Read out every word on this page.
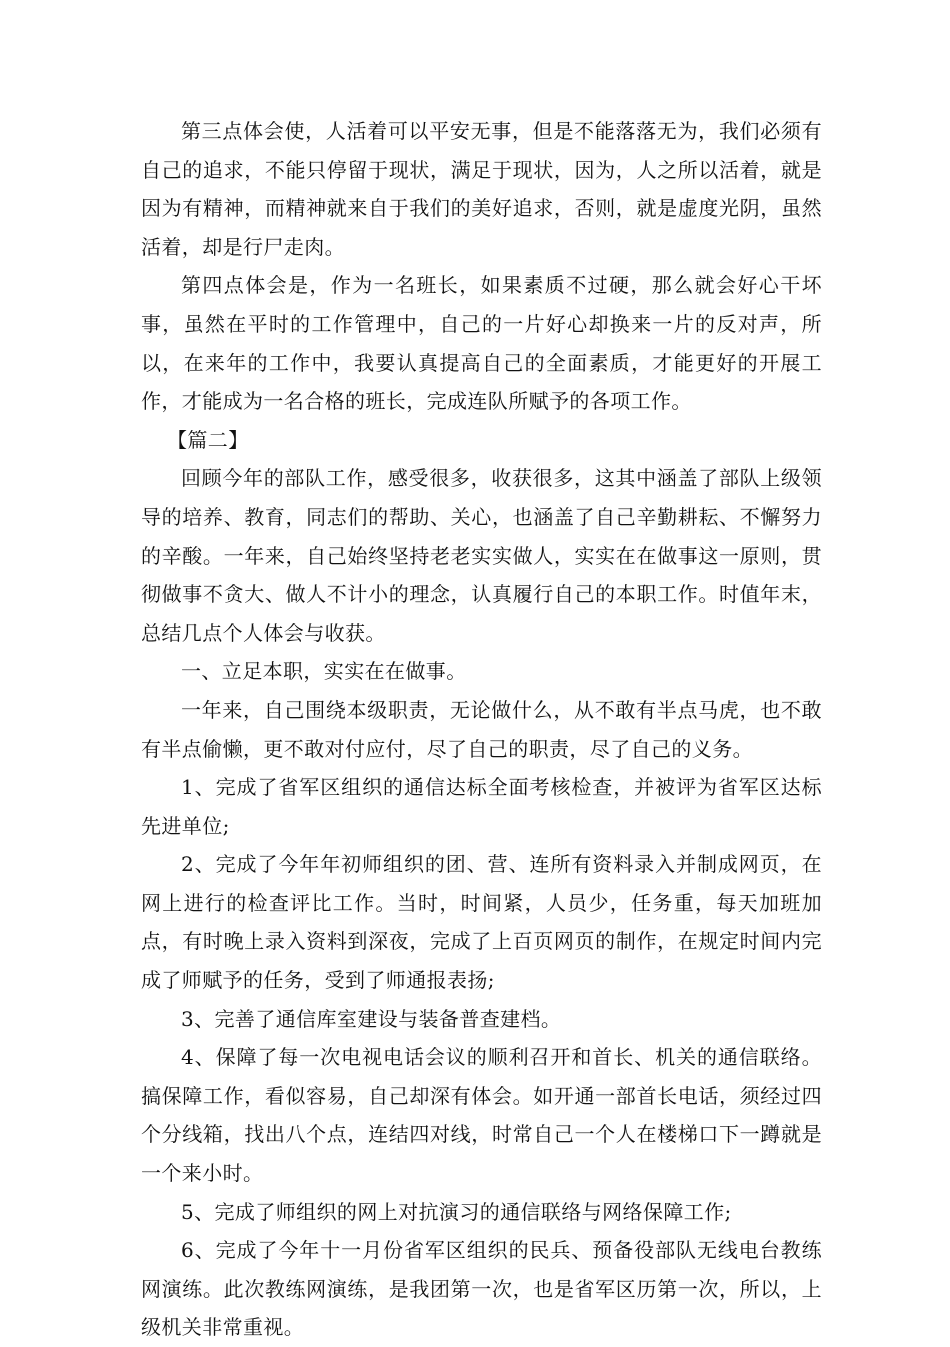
第三点体会使，人活着可以平安无事，但是不能落落无为，我们必须有自己的追求，不能只停留于现状，满足于现状，因为，人之所以活着，就是因为有精神，而精神就来自于我们的美好追求，否则，就是虚度光阴，虽然活着，却是行尸走肉。

第四点体会是，作为一名班长，如果素质不过硬，那么就会好心干坏事，虽然在平时的工作管理中，自己的一片好心却换来一片的反对声，所以，在来年的工作中，我要认真提高自己的全面素质，才能更好的开展工作，才能成为一名合格的班长，完成连队所赋予的各项工作。

【篇二】

回顾今年的部队工作，感受很多，收获很多，这其中涵盖了部队上级领导的培养、教育，同志们的帮助、关心，也涵盖了自己辛勤耕耘、不懈努力的辛酸。一年来，自己始终坚持老老实实做人，实实在在做事这一原则，贯彻做事不贪大、做人不计小的理念，认真履行自己的本职工作。时值年末，总结几点个人体会与收获。

一、立足本职，实实在在做事。

一年来，自己围绕本级职责，无论做什么，从不敢有半点马虎，也不敢有半点偷懒，更不敢对付应付，尽了自己的职责，尽了自己的义务。

1、完成了省军区组织的通信达标全面考核检查，并被评为省军区达标先进单位;

2、完成了今年年初师组织的团、营、连所有资料录入并制成网页，在网上进行的检查评比工作。当时，时间紧，人员少，任务重，每天加班加点，有时晚上录入资料到深夜，完成了上百页网页的制作，在规定时间内完成了师赋予的任务，受到了师通报表扬;

3、完善了通信库室建设与装备普查建档。

4、保障了每一次电视电话会议的顺利召开和首长、机关的通信联络。搞保障工作，看似容易，自己却深有体会。如开通一部首长电话，须经过四个分线箱，找出八个点，连结四对线，时常自己一个人在楼梯口下一蹲就是一个来小时。

5、完成了师组织的网上对抗演习的通信联络与网络保障工作;

6、完成了今年十一月份省军区组织的民兵、预备役部队无线电台教练网演练。此次教练网演练，是我团第一次，也是省军区历第一次，所以，上级机关非常重视。
